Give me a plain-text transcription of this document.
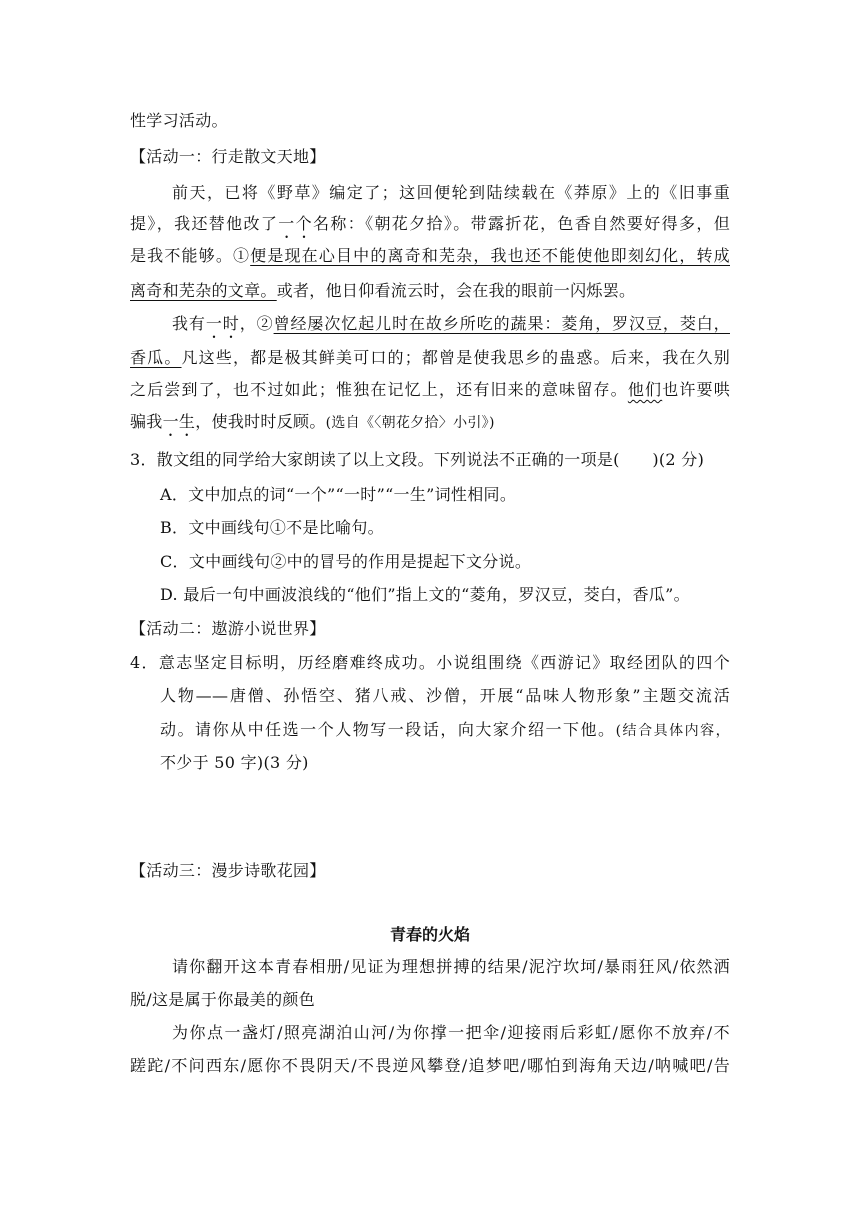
性学习活动。
【活动一：行走散文天地】
前天，已将《野草》编定了；这回便轮到陆续载在《莽原》上的《旧事重
提》，我还替他改了一个名称：《朝花夕拾》。带露折花，色香自然要好得多，但
是我不能够。①便是现在心目中的离奇和芜杂，我也还不能使他即刻幻化，转成
离奇和芜杂的文章。或者，他日仰看流云时，会在我的眼前一闪烁罢。
我有一时，②曾经屡次忆起儿时在故乡所吃的蔬果：菱角，罗汉豆，茭白，
香瓜。凡这些，都是极其鲜美可口的；都曾是使我思乡的蛊惑。后来，我在久别
之后尝到了，也不过如此；惟独在记忆上，还有旧来的意味留存。他们也许要哄
骗我一生，使我时时反顾。(选自《〈朝花夕拾〉小引》)
3．散文组的同学给大家朗读了以上文段。下列说法不正确的一项是(　　)(2 分)
A．文中加点的词“一个”“一时”“一生”词性相同。
B．文中画线句①不是比喻句。
C．文中画线句②中的冒号的作用是提起下文分说。
D. 最后一句中画波浪线的“他们”指上文的“菱角，罗汉豆，茭白，香瓜”。
【活动二：遨游小说世界】
4．意志坚定目标明，历经磨难终成功。小说组围绕《西游记》取经团队的四个
人物——唐僧、孙悟空、猪八戒、沙僧，开展“品味人物形象”主题交流活
动。请你从中任选一个人物写一段话，向大家介绍一下他。(结合具体内容，
不少于 50 字)(3 分)
【活动三：漫步诗歌花园】
青春的火焰
请你翻开这本青春相册/见证为理想拼搏的结果/泥泞坎坷/暴雨狂风/依然洒
脱/这是属于你最美的颜色
为你点一盏灯/照亮湖泊山河/为你撑一把伞/迎接雨后彩虹/愿你不放弃/不
蹉跎/不问西东/愿你不畏阴天/不畏逆风攀登/追梦吧/哪怕到海角天边/呐喊吧/告
